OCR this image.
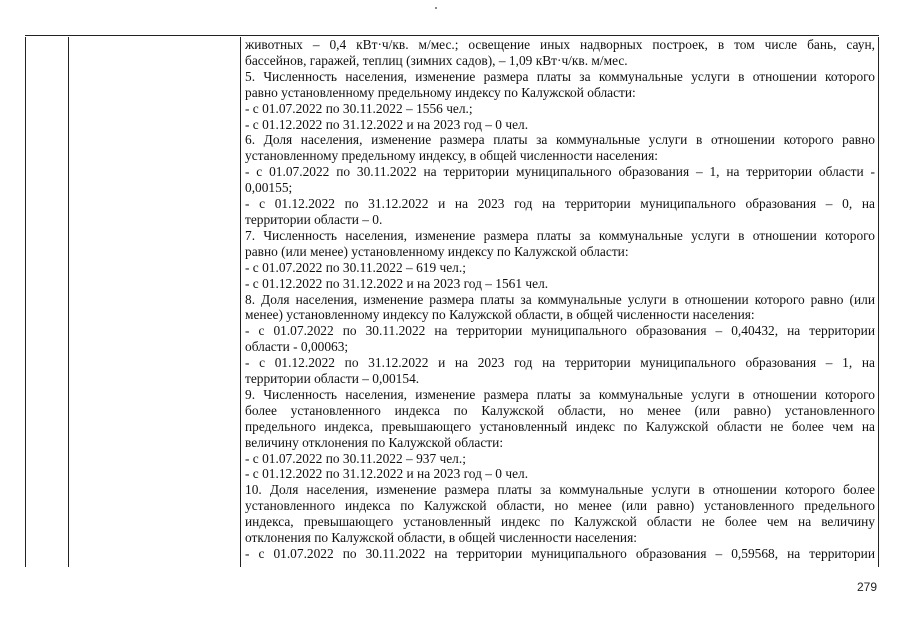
животных – 0,4 кВт·ч/кв. м/мес.; освещение иных надворных построек, в том числе бань, саун,

бассейнов, гаражей, теплиц (зимних садов), – 1,09 кВт·ч/кв. м/мес.

5. Численность населения, изменение размера платы за коммунальные услуги в отношении которого

равно установленному предельному индексу по Калужской области:

- с 01.07.2022 по 30.11.2022 – 1556 чел.;

- с 01.12.2022 по 31.12.2022 и на 2023 год – 0 чел.

6. Доля населения, изменение размера платы за коммунальные услуги в отношении которого равно

установленному предельному индексу, в общей численности населения:

- с 01.07.2022 по 30.11.2022 на территории муниципального образования – 1, на территории области -

0,00155;

- с 01.12.2022 по 31.12.2022 и на 2023 год на территории муниципального образования – 0, на

территории области – 0.

7. Численность населения, изменение размера платы за коммунальные услуги в отношении которого

равно (или менее) установленному индексу по Калужской области:

- с 01.07.2022 по 30.11.2022 – 619 чел.;

- с 01.12.2022 по 31.12.2022 и на 2023 год – 1561 чел.

8. Доля населения, изменение размера платы за коммунальные услуги в отношении которого равно (или

менее) установленному индексу по Калужской области, в общей численности населения:

- с 01.07.2022 по 30.11.2022 на территории муниципального образования – 0,40432, на территории

области - 0,00063;

- с 01.12.2022 по 31.12.2022 и на 2023 год на территории муниципального образования – 1, на

территории области – 0,00154.

9. Численность населения, изменение размера платы за коммунальные услуги в отношении которого

более установленного индекса по Калужской области, но менее (или равно) установленного

предельного индекса, превышающего установленный индекс по Калужской области не более чем на

величину отклонения по Калужской области:

- с 01.07.2022 по 30.11.2022 – 937 чел.;

- с 01.12.2022 по 31.12.2022 и на 2023 год – 0 чел.

10. Доля населения, изменение размера платы за коммунальные услуги в отношении которого более

установленного индекса по Калужской области, но менее (или равно) установленного предельного

индекса, превышающего установленный индекс по Калужской области не более чем на величину

отклонения по Калужской области, в общей численности населения:

- с 01.07.2022 по 30.11.2022 на территории муниципального образования – 0,59568, на территории

279
